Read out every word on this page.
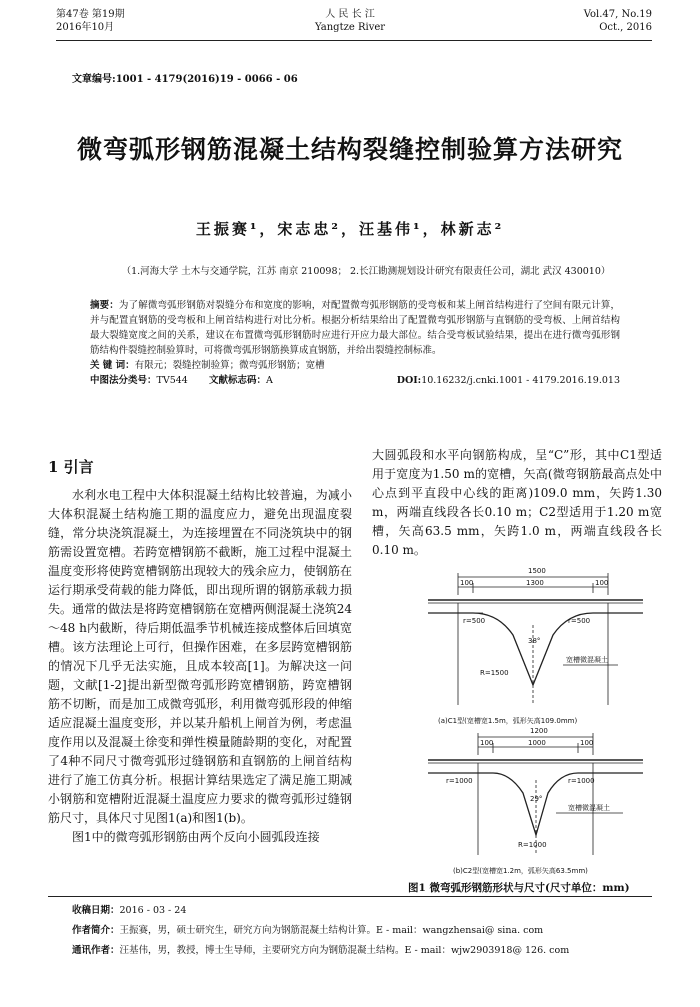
第47卷 第19期
2016年10月
人 民 长 江
Yangtze River
Vol.47, No.19
Oct., 2016
文章编号:1001 - 4179(2016)19 - 0066 - 06
微弯弧形钢筋混凝土结构裂缝控制验算方法研究
王振赛¹，宋志忠²，汪基伟¹，林新志²
（1.河海大学 土木与交通学院，江苏 南京 210098； 2.长江勘测规划设计研究有限责任公司，湖北 武汉 430010）
摘要：为了解微弯弧形钢筋对裂缝分布和宽度的影响，对配置微弯弧形钢筋的受弯板和某上闸首结构进行了空间有限元计算，并与配置直钢筋的受弯板和上闸首结构进行对比分析。根据分析结果给出了配置微弯弧形钢筋与直钢筋的受弯板、上闸首结构最大裂缝宽度之间的关系，建议在布置微弯弧形钢筋时应进行开应力最大部位。结合受弯板试验结果，提出在进行微弯弧形钢筋结构件裂缝控制验算时，可将微弯弧形钢筋换算成直钢筋，并给出裂缝控制标准。
关 键 词：有限元；裂缝控制验算；微弯弧形钢筋；宽槽
中图法分类号：TV544 文献标志码：A	DOI:10.16232/j.cnki.1001 - 4179.2016.19.013
1 引言

水利水电工程中大体积混凝土结构比较普遍，为减小大体积混凝土结构施工期的温度应力，避免出现温度裂缝，常分块浇筑混凝土，为连接埋置在不同浇筑块中的钢筋需设置宽槽。若跨宽槽钢筋不截断，施工过程中混凝土温度变形将使跨宽槽钢筋出现较大的残余应力，使钢筋在运行期承受荷载的能力降低，即出现所谓的钢筋承载力损失。通常的做法是将跨宽槽钢筋在宽槽两侧混凝土浇筑24～48 h内截断，待后期低温季节机械连接成整体后回填宽槽。该方法理论上可行，但操作困难，在多层跨宽槽钢筋的情况下几乎无法实施，且成本较高[1]。为解决这一问题，文献[1-2]提出新型微弯弧形跨宽槽钢筋，跨宽槽钢筋不切断，而是加工成微弯弧形，利用微弯弧形段的伸缩适应混凝土温度变形，并以某升船机上闸首为例，考虑温度作用以及混凝土徐变和弹性模量随龄期的变化，对配置了4种不同尺寸微弯弧形过缝钢筋和直钢筋的上闸首结构进行了施工仿真分析。根据计算结果选定了满足施工期减小钢筋和宽槽附近混凝土温度应力要求的微弯弧形过缝钢筋尺寸，具体尺寸见图1(a)和图1(b)。

图1中的微弯弧形钢筋由两个反向小圆弧段连接

大圆弧段和水平向钢筋构成，呈“C”形，其中C1型适用于宽度为1.50 m的宽槽，矢高(微弯钢筋最高点处中心点到平直段中心线的距离)109.0 mm，矢跨1.30 m，两端直线段各长0.10 m；C2型适用于1.20 m宽槽，矢高63.5 mm，矢跨1.0 m，两端直线段各长0.10 m。

1500
100	1300	100
r=500	r=500
38°
R=1500
宽槽微混凝土
(a)C1型(宽槽宽1.5m，弧形矢高109.0mm)
1200
100	1000	100
r=1000	r=1000
29°
R=1000
宽槽微混凝土
(b)C2型(宽槽宽1.2m，弧形矢高63.5mm)
图1 微弯弧形钢筋形状与尺寸(尺寸单位：mm)
收稿日期：2016 - 03 - 24
作者简介：王振赛，男，硕士研究生，研究方向为钢筋混凝土结构计算。E - mail：wangzhensai@ sina. com
通讯作者：汪基伟，男，教授，博士生导师，主要研究方向为钢筋混凝土结构。E - mail：wjw2903918@ 126. com
